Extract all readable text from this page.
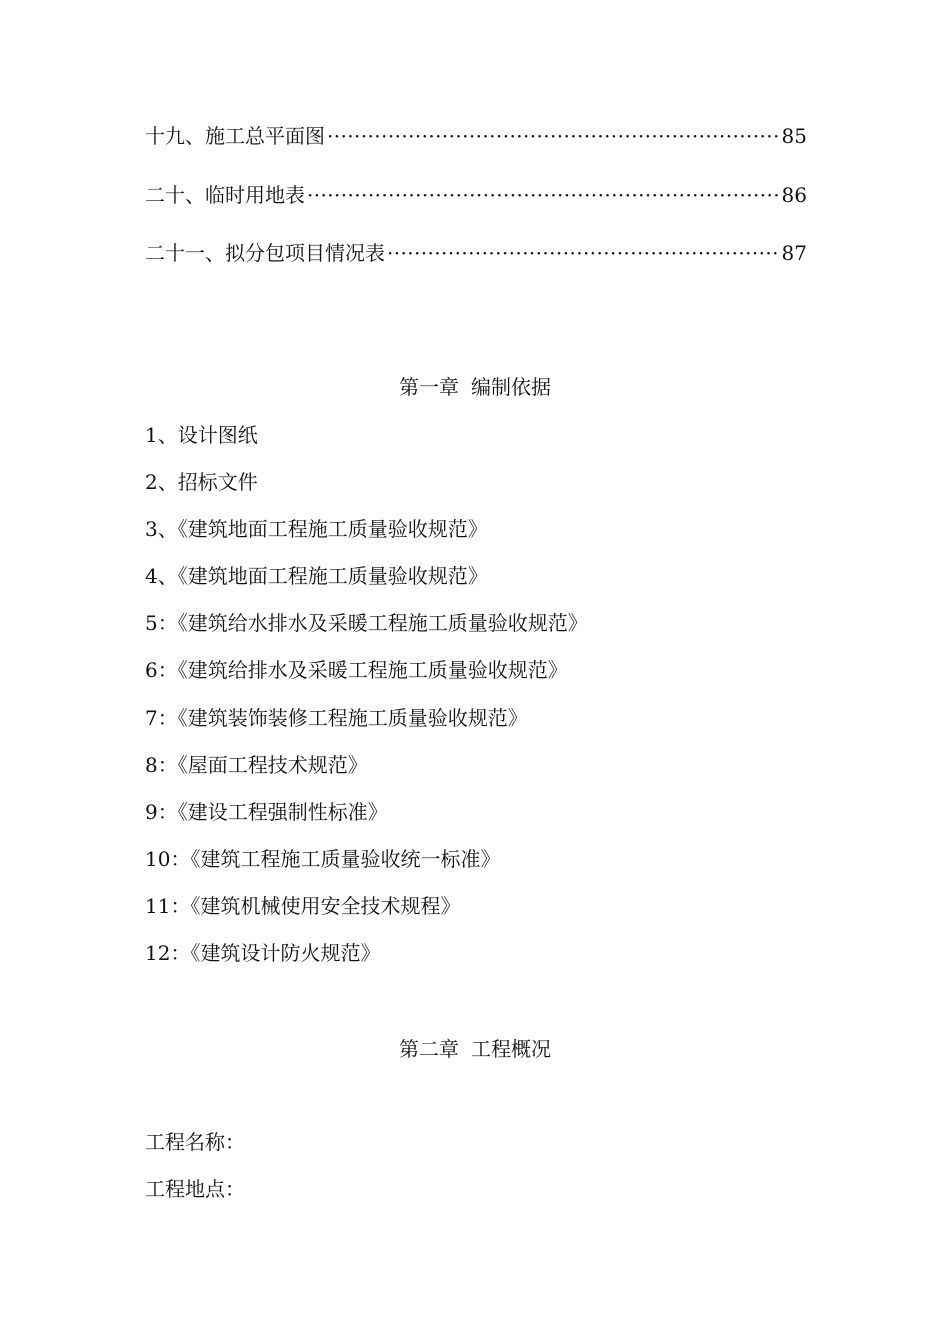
十九、施工总平面图 ·····	85
二十、临时用地表 ·····	86
二十一、拟分包项目情况表 ·····	87
第一章 编制依据
1、设计图纸
2、招标文件
3、《建筑地面工程施工质量验收规范》
4、《建筑地面工程施工质量验收规范》
5：《建筑给水排水及采暖工程施工质量验收规范》
6：《建筑给排水及采暖工程施工质量验收规范》
7：《建筑装饰装修工程施工质量验收规范》
8：《屋面工程技术规范》
9：《建设工程强制性标准》
10：《建筑工程施工质量验收统一标准》
11：《建筑机械使用安全技术规程》
12：《建筑设计防火规范》
第二章 工程概况
工程名称：
工程地点：
